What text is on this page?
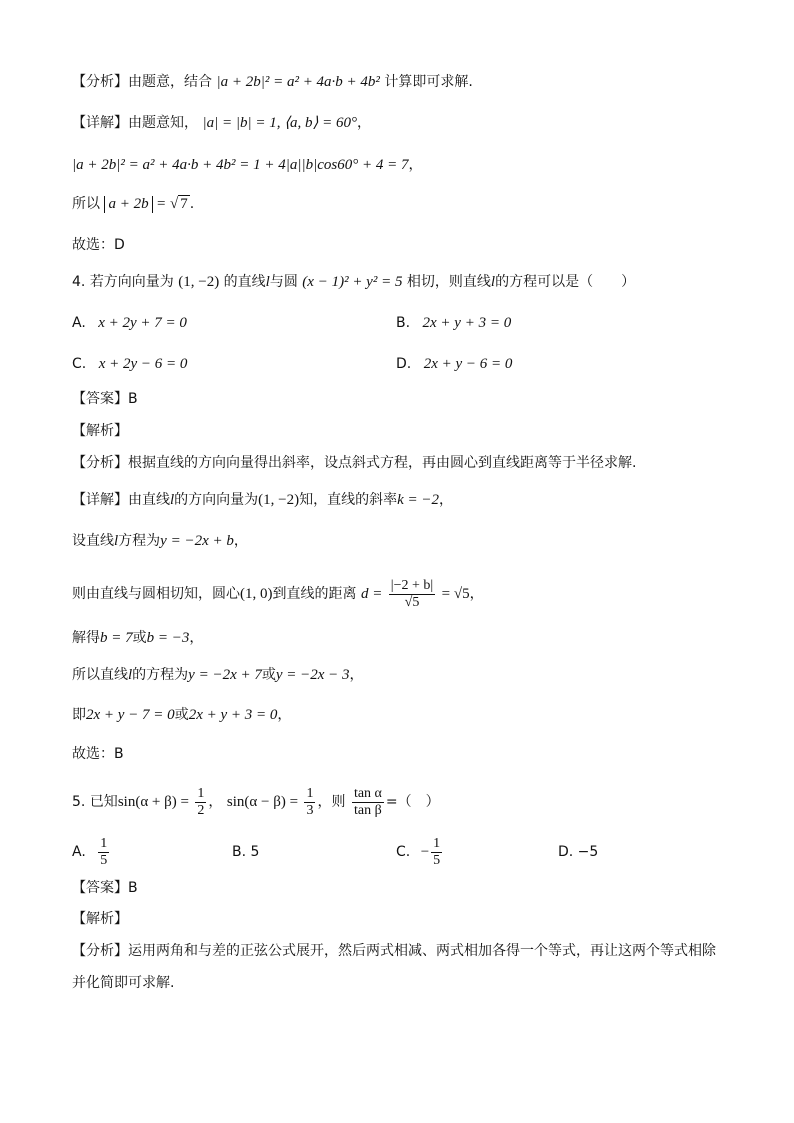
【分析】由题意，结合 |a + 2b|² = a² + 4a·b + 4b² 计算即可求解.
【详解】由题意知， |a| = |b| = 1, ⟨a, b⟩ = 60°，
|a + 2b|² = a² + 4a·b + 4b² = 1 + 4|a||b|cos60° + 4 = 7，
所以 a + 2b = √ 7 .
故选：D
4. 若方向向量为 (1, −2) 的直线l与圆 (x − 1)² + y² = 5 相切，则直线l的方程可以是（　　）
A. x + 2y + 7 = 0	B. 2x + y + 3 = 0
C. x + 2y − 6 = 0	D. 2x + y − 6 = 0
【答案】B
【解析】
【分析】根据直线的方向向量得出斜率，设点斜式方程，再由圆心到直线距离等于半径求解.
【详解】由直线l的方向向量为(1, −2)知，直线的斜率k = −2，
设直线l方程为y = −2x + b，
则由直线与圆相切知，圆心(1, 0)到直线的距离 $d = \frac{|-2 + b|}{√5} = √5$，
解得b = 7或b = −3，
所以直线l的方程为y = −2x + 7或y = −2x − 3，
即2x + y − 7 = 0或2x + y + 3 = 0，
故选：B
5. 已知$\sin(\alpha + \beta) = \frac{1}{2}$ ， $\sin(\alpha - \beta) = \frac{1}{3}$ ，则 $\frac{\text{tan α}}{\text{tan β}}$ =（　）
A. $\frac{1}{5}$	B. 5	C. − $\frac{1}{5}$	D. −5
【答案】B
【解析】
【分析】运用两角和与差的正弦公式展开，然后两式相减、两式相加各得一个等式，再让这两个等式相除
并化简即可求解.
